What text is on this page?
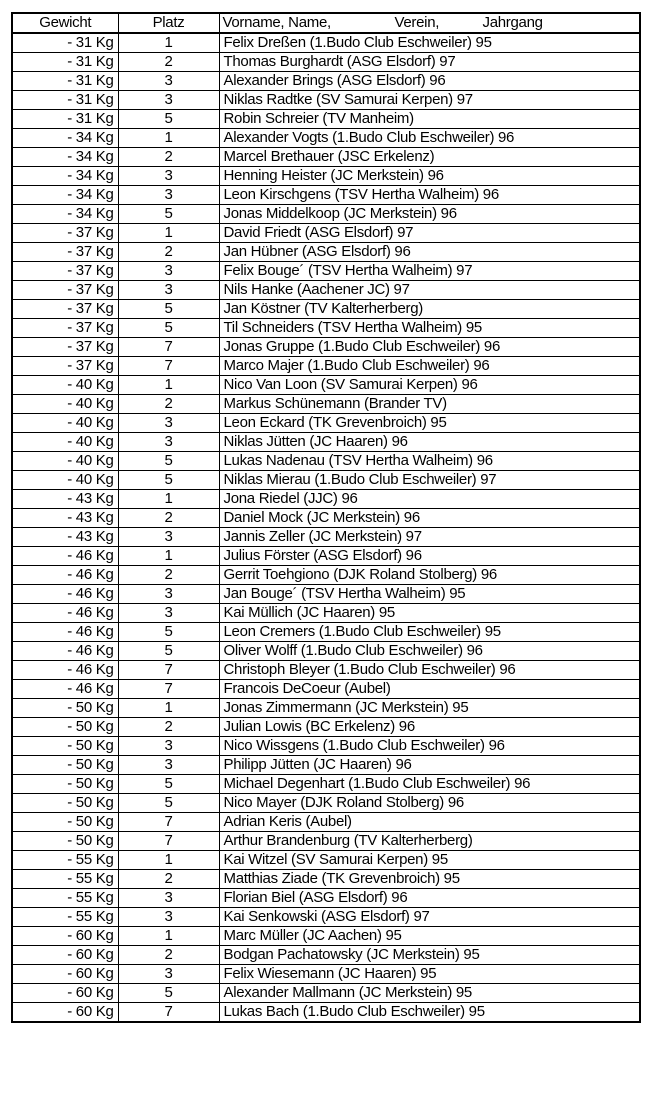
Gewicht	Platz	Vorname, Name, Verein, Jahrgang
- 31 Kg	1	Felix Dreßen (1.Budo Club Eschweiler) 95
- 31 Kg	2	Thomas Burghardt (ASG Elsdorf) 97
- 31 Kg	3	Alexander Brings (ASG Elsdorf) 96
- 31 Kg	3	Niklas Radtke (SV Samurai Kerpen) 97
- 31 Kg	5	Robin Schreier (TV Manheim)
- 34 Kg	1	Alexander Vogts (1.Budo Club Eschweiler) 96
- 34 Kg	2	Marcel Brethauer (JSC Erkelenz)
- 34 Kg	3	Henning Heister (JC Merkstein) 96
- 34 Kg	3	Leon Kirschgens (TSV Hertha Walheim) 96
- 34 Kg	5	Jonas Middelkoop (JC Merkstein) 96
- 37 Kg	1	David Friedt (ASG Elsdorf) 97
- 37 Kg	2	Jan Hübner (ASG Elsdorf) 96
- 37 Kg	3	Felix Bouge´ (TSV Hertha Walheim) 97
- 37 Kg	3	Nils Hanke (Aachener JC) 97
- 37 Kg	5	Jan Köstner (TV Kalterherberg)
- 37 Kg	5	Til Schneiders (TSV Hertha Walheim) 95
- 37 Kg	7	Jonas Gruppe (1.Budo Club Eschweiler) 96
- 37 Kg	7	Marco Majer (1.Budo Club Eschweiler) 96
- 40 Kg	1	Nico Van Loon (SV Samurai Kerpen) 96
- 40 Kg	2	Markus Schünemann (Brander TV)
- 40 Kg	3	Leon Eckard (TK Grevenbroich) 95
- 40 Kg	3	Niklas Jütten (JC Haaren) 96
- 40 Kg	5	Lukas Nadenau (TSV Hertha Walheim) 96
- 40 Kg	5	Niklas Mierau (1.Budo Club Eschweiler) 97
- 43 Kg	1	Jona Riedel (JJC) 96
- 43 Kg	2	Daniel Mock (JC Merkstein) 96
- 43 Kg	3	Jannis Zeller (JC Merkstein) 97
- 46 Kg	1	Julius Förster (ASG Elsdorf) 96
- 46 Kg	2	Gerrit Toehgiono (DJK Roland Stolberg) 96
- 46 Kg	3	Jan Bouge´ (TSV Hertha Walheim) 95
- 46 Kg	3	Kai Müllich (JC Haaren) 95
- 46 Kg	5	Leon Cremers (1.Budo Club Eschweiler) 95
- 46 Kg	5	Oliver Wolff (1.Budo Club Eschweiler) 96
- 46 Kg	7	Christoph Bleyer (1.Budo Club Eschweiler) 96
- 46 Kg	7	Francois DeCoeur (Aubel)
- 50 Kg	1	Jonas Zimmermann (JC Merkstein) 95
- 50 Kg	2	Julian Lowis (BC Erkelenz) 96
- 50 Kg	3	Nico Wissgens (1.Budo Club Eschweiler) 96
- 50 Kg	3	Philipp Jütten (JC Haaren) 96
- 50 Kg	5	Michael Degenhart (1.Budo Club Eschweiler) 96
- 50 Kg	5	Nico Mayer (DJK Roland Stolberg) 96
- 50 Kg	7	Adrian Keris (Aubel)
- 50 Kg	7	Arthur Brandenburg (TV Kalterherberg)
- 55 Kg	1	Kai Witzel (SV Samurai Kerpen) 95
- 55 Kg	2	Matthias Ziade (TK Grevenbroich) 95
- 55 Kg	3	Florian Biel (ASG Elsdorf) 96
- 55 Kg	3	Kai Senkowski (ASG Elsdorf) 97
- 60 Kg	1	Marc Müller (JC Aachen) 95
- 60 Kg	2	Bodgan Pachatowsky (JC Merkstein) 95
- 60 Kg	3	Felix Wiesemann (JC Haaren) 95
- 60 Kg	5	Alexander Mallmann (JC Merkstein) 95
- 60 Kg	7	Lukas Bach (1.Budo Club Eschweiler) 95
